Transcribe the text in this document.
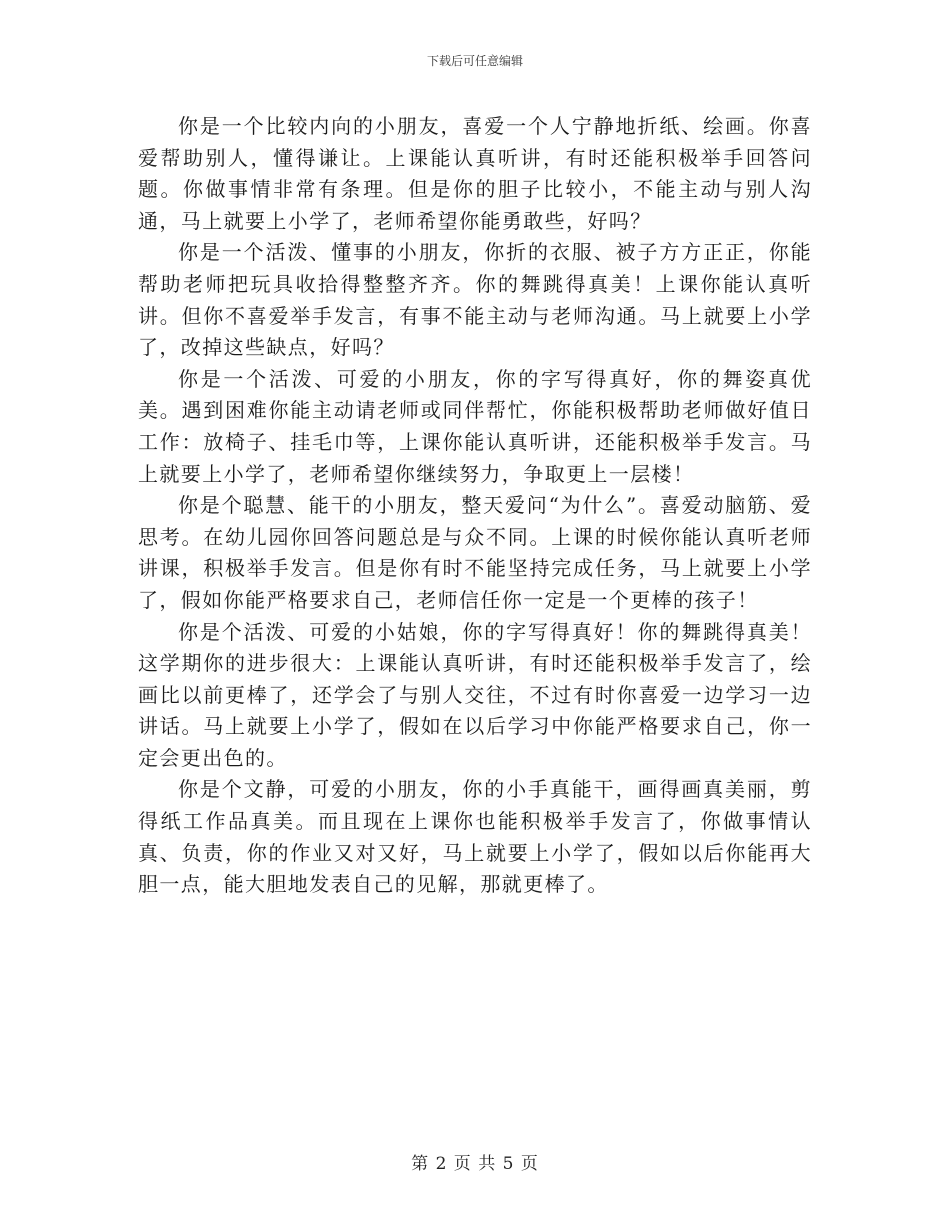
下载后可任意编辑

你是一个比较内向的小朋友，喜爱一个人宁静地折纸、绘画。你喜爱帮助别人，懂得谦让。上课能认真听讲，有时还能积极举手回答问题。你做事情非常有条理。但是你的胆子比较小，不能主动与别人沟通，马上就要上小学了，老师希望你能勇敢些，好吗？

你是一个活泼、懂事的小朋友，你折的衣服、被子方方正正，你能帮助老师把玩具收拾得整整齐齐。你的舞跳得真美！上课你能认真听讲。但你不喜爱举手发言，有事不能主动与老师沟通。马上就要上小学了，改掉这些缺点，好吗？

你是一个活泼、可爱的小朋友，你的字写得真好，你的舞姿真优美。遇到困难你能主动请老师或同伴帮忙，你能积极帮助老师做好值日工作：放椅子、挂毛巾等，上课你能认真听讲，还能积极举手发言。马上就要上小学了，老师希望你继续努力，争取更上一层楼！

你是个聪慧、能干的小朋友，整天爱问“为什么”。喜爱动脑筋、爱思考。在幼儿园你回答问题总是与众不同。上课的时候你能认真听老师讲课，积极举手发言。但是你有时不能坚持完成任务，马上就要上小学了，假如你能严格要求自己，老师信任你一定是一个更棒的孩子！

你是个活泼、可爱的小姑娘，你的字写得真好！你的舞跳得真美！这学期你的进步很大：上课能认真听讲，有时还能积极举手发言了，绘画比以前更棒了，还学会了与别人交往，不过有时你喜爱一边学习一边讲话。马上就要上小学了，假如在以后学习中你能严格要求自己，你一定会更出色的。

你是个文静，可爱的小朋友，你的小手真能干，画得画真美丽，剪得纸工作品真美。而且现在上课你也能积极举手发言了，你做事情认真、负责，你的作业又对又好，马上就要上小学了，假如以后你能再大胆一点，能大胆地发表自己的见解，那就更棒了。

第 2 页 共 5 页
